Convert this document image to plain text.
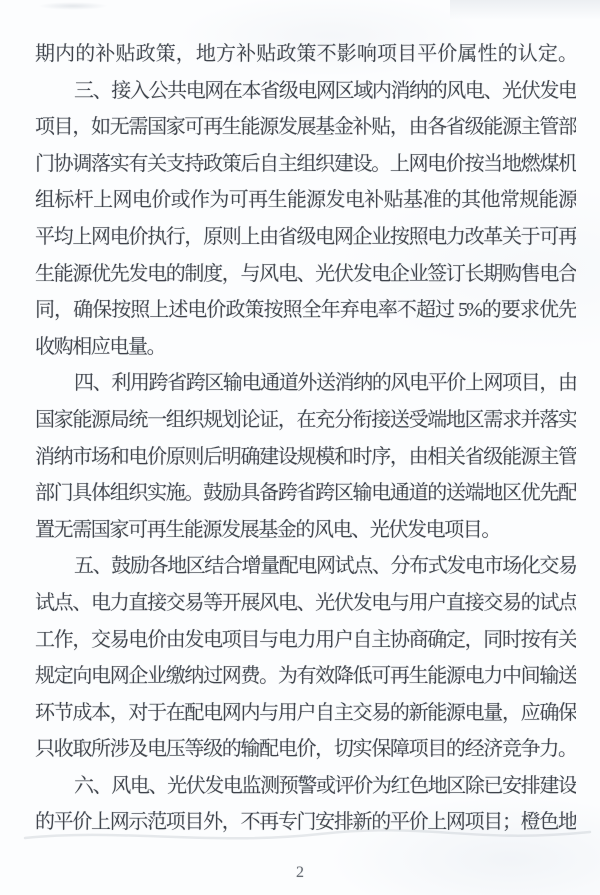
期内的补贴政策，地方补贴政策不影响项目平价属性的认定。
三、接入公共电网在本省级电网区域内消纳的风电、光伏发电
项目，如无需国家可再生能源发展基金补贴，由各省级能源主管部
门协调落实有关支持政策后自主组织建设。上网电价按当地燃煤机
组标杆上网电价或作为可再生能源发电补贴基准的其他常规能源
平均上网电价执行，原则上由省级电网企业按照电力改革关于可再
生能源优先发电的制度，与风电、光伏发电企业签订长期购售电合
同，确保按照上述电价政策按照全年弃电率不超过 5%的要求优先
收购相应电量。
四、利用跨省跨区输电通道外送消纳的风电平价上网项目，由
国家能源局统一组织规划论证，在充分衔接送受端地区需求并落实
消纳市场和电价原则后明确建设规模和时序，由相关省级能源主管
部门具体组织实施。鼓励具备跨省跨区输电通道的送端地区优先配
置无需国家可再生能源发展基金的风电、光伏发电项目。
五、鼓励各地区结合增量配电网试点、分布式发电市场化交易
试点、电力直接交易等开展风电、光伏发电与用户直接交易的试点
工作，交易电价由发电项目与电力用户自主协商确定，同时按有关
规定向电网企业缴纳过网费。为有效降低可再生能源电力中间输送
环节成本，对于在配电网内与用户自主交易的新能源电量，应确保
只收取所涉及电压等级的输配电价，切实保障项目的经济竞争力。
六、风电、光伏发电监测预警或评价为红色地区除已安排建设
的平价上网示范项目外，不再专门安排新的平价上网项目；橙色地
2
